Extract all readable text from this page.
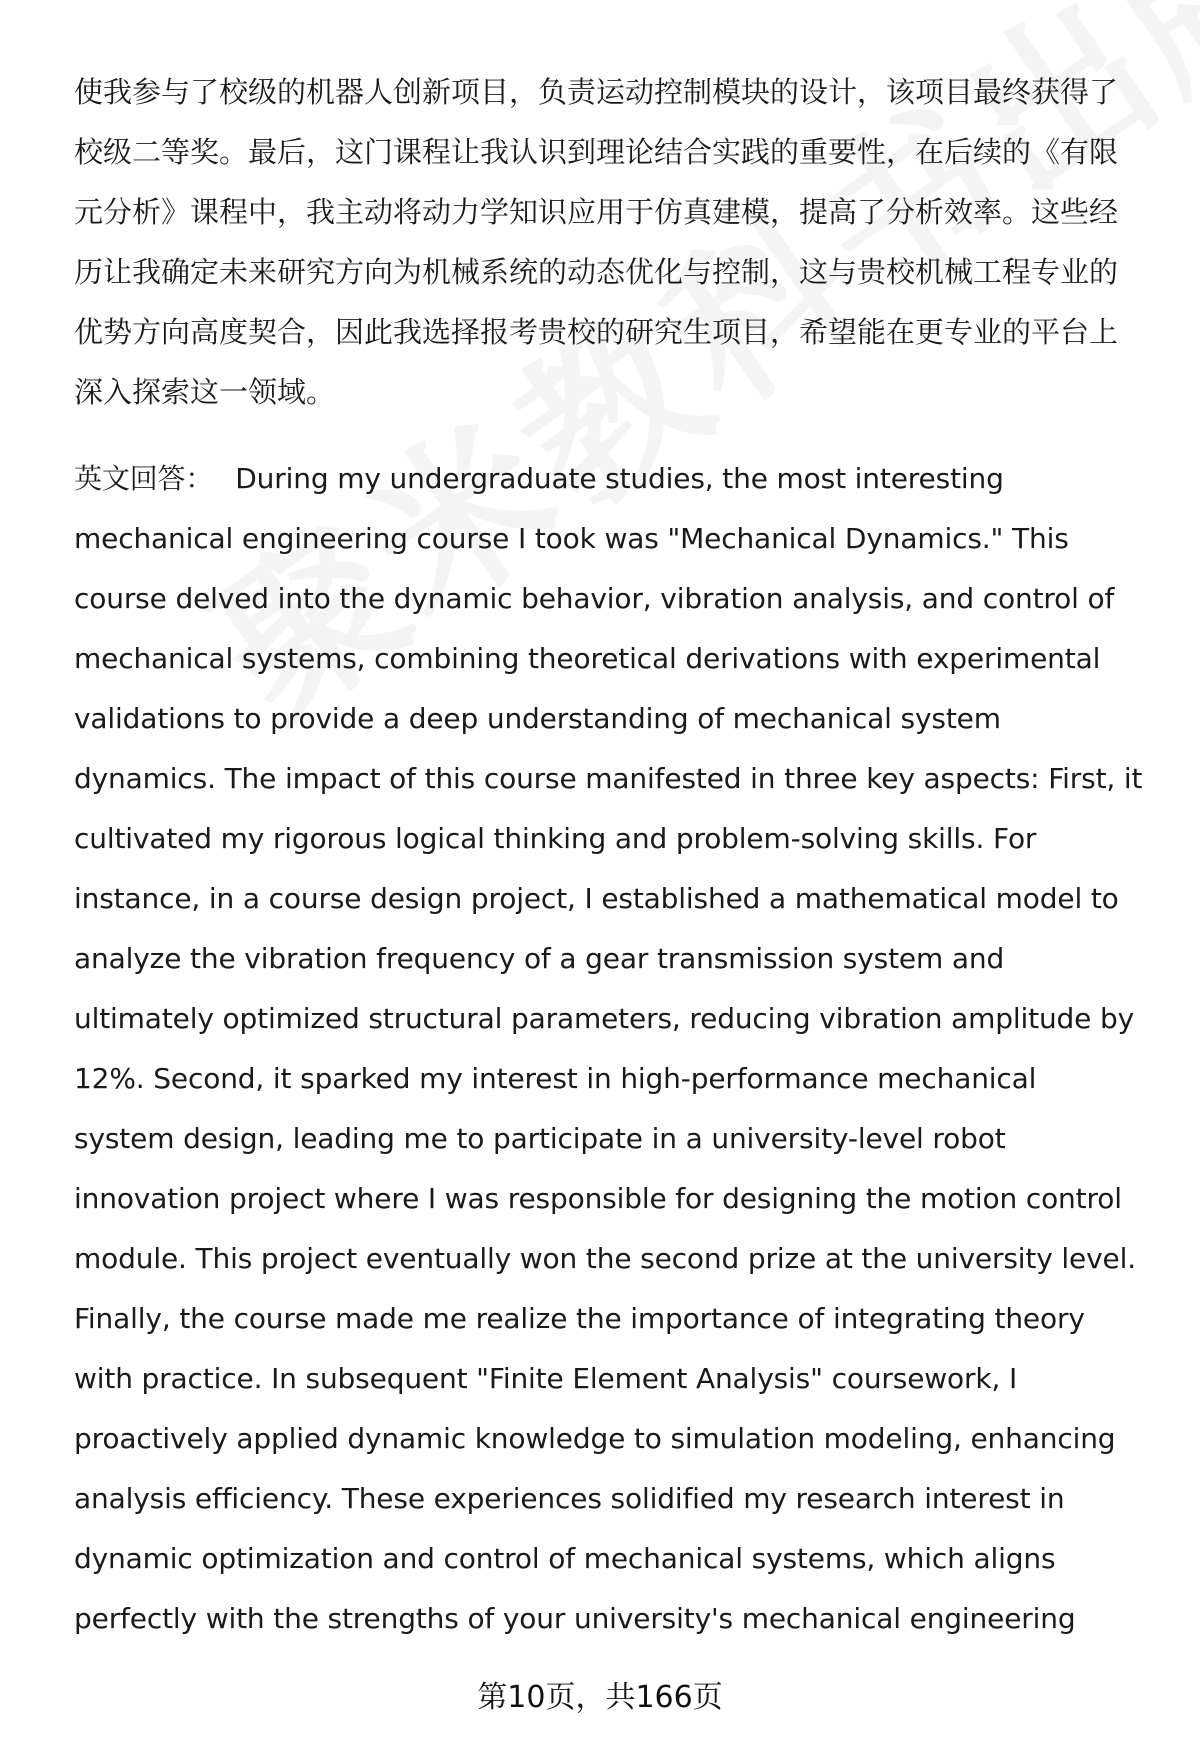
使我参与了校级的机器人创新项目，负责运动控制模块的设计，该项目最终获得了
校级二等奖。最后，这门课程让我认识到理论结合实践的重要性，在后续的《有限
元分析》课程中，我主动将动力学知识应用于仿真建模，提高了分析效率。这些经
历让我确定未来研究方向为机械系统的动态优化与控制，这与贵校机械工程专业的
优势方向高度契合，因此我选择报考贵校的研究生项目，希望能在更专业的平台上
深入探索这一领域。
英文回答： During my undergraduate studies, the most interesting
mechanical engineering course I took was "Mechanical Dynamics." This
course delved into the dynamic behavior, vibration analysis, and control of
mechanical systems, combining theoretical derivations with experimental
validations to provide a deep understanding of mechanical system
dynamics. The impact of this course manifested in three key aspects: First, it
cultivated my rigorous logical thinking and problem-solving skills. For
instance, in a course design project, I established a mathematical model to
analyze the vibration frequency of a gear transmission system and
ultimately optimized structural parameters, reducing vibration amplitude by
12%. Second, it sparked my interest in high-performance mechanical
system design, leading me to participate in a university-level robot
innovation project where I was responsible for designing the motion control
module. This project eventually won the second prize at the university level.
Finally, the course made me realize the importance of integrating theory
with practice. In subsequent "Finite Element Analysis" coursework, I
proactively applied dynamic knowledge to simulation modeling, enhancing
analysis efficiency. These experiences solidified my research interest in
dynamic optimization and control of mechanical systems, which aligns
perfectly with the strengths of your university's mechanical engineering
第10页，共166页
